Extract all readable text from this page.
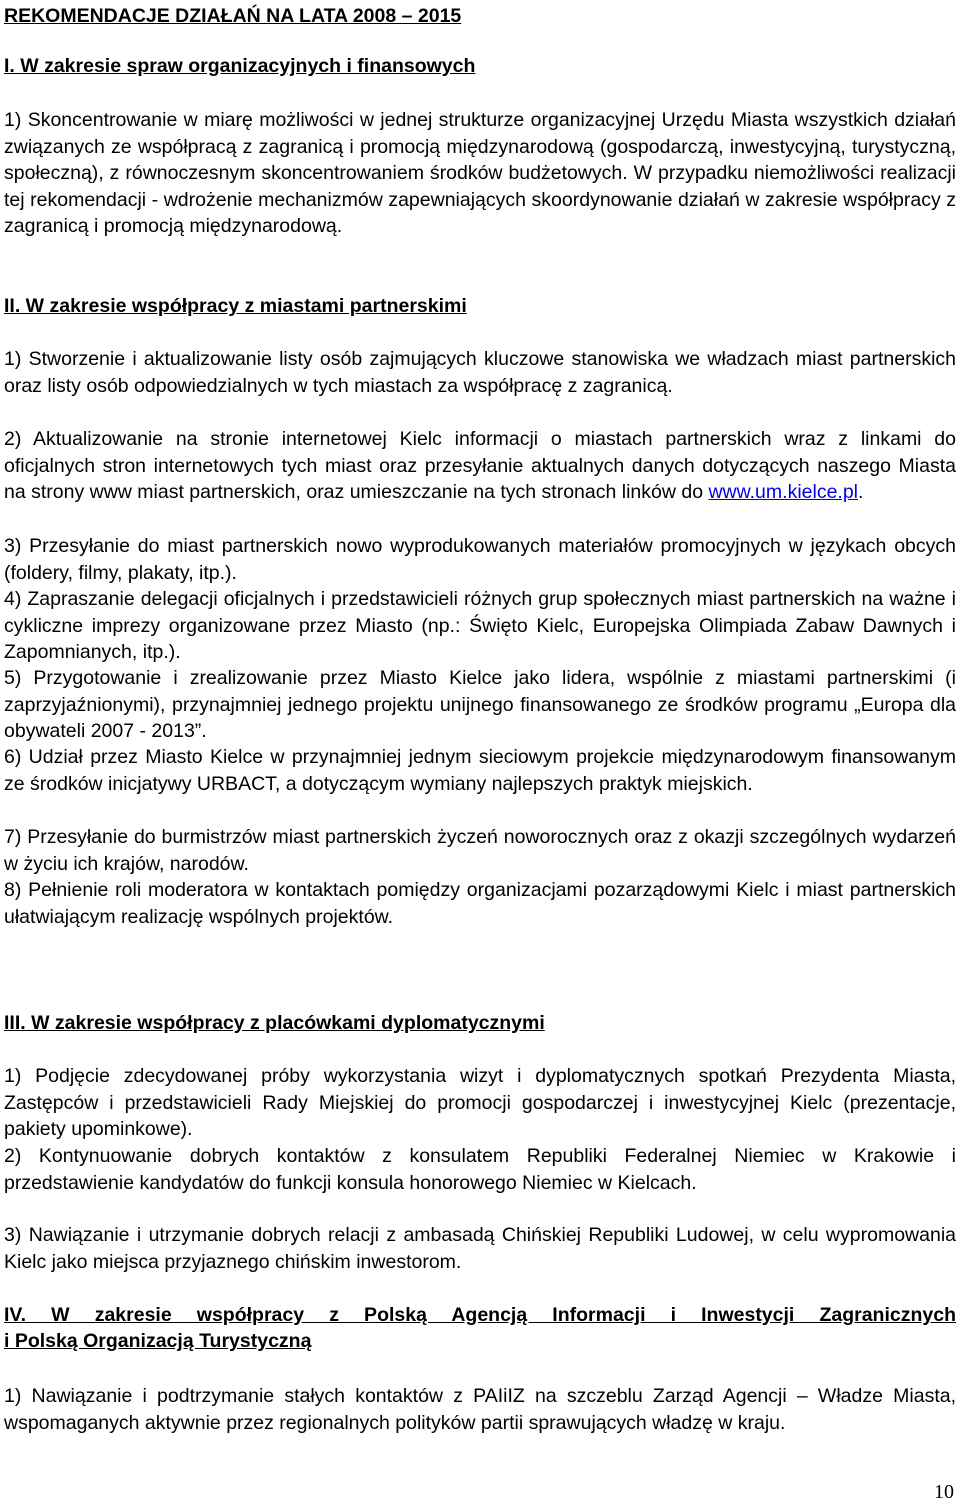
REKOMENDACJE DZIAŁAŃ NA LATA 2008 – 2015
I. W zakresie spraw organizacyjnych i finansowych

1) Skoncentrowanie w miarę możliwości w jednej strukturze organizacyjnej Urzędu Miasta wszystkich działań związanych ze współpracą z zagranicą i promocją międzynarodową (gospodarczą, inwestycyjną, turystyczną, społeczną), z równoczesnym skoncentrowaniem środków budżetowych. W przypadku niemożliwości realizacji tej rekomendacji - wdrożenie mechanizmów zapewniających skoordynowanie działań w zakresie współpracy z zagranicą i promocją międzynarodową.

II. W zakresie współpracy z miastami partnerskimi

1) Stworzenie i aktualizowanie listy osób zajmujących kluczowe stanowiska we władzach miast partnerskich oraz listy osób odpowiedzialnych w tych miastach za współpracę z zagranicą.

2) Aktualizowanie na stronie internetowej Kielc informacji o miastach partnerskich wraz z linkami do oficjalnych stron internetowych tych miast oraz przesyłanie aktualnych danych dotyczących naszego Miasta na strony www miast partnerskich, oraz umieszczanie na tych stronach linków do www.um.kielce.pl.

3) Przesyłanie do miast partnerskich nowo wyprodukowanych materiałów promocyjnych w językach obcych (foldery, filmy, plakaty, itp.).

4) Zapraszanie delegacji oficjalnych i przedstawicieli różnych grup społecznych miast partnerskich na ważne i cykliczne imprezy organizowane przez Miasto (np.: Święto Kielc, Europejska Olimpiada Zabaw Dawnych i Zapomnianych, itp.).

5) Przygotowanie i zrealizowanie przez Miasto Kielce jako lidera, wspólnie z miastami partnerskimi (i zaprzyjaźnionymi), przynajmniej jednego projektu unijnego finansowanego ze środków programu „Europa dla obywateli 2007 - 2013”.

6) Udział przez Miasto Kielce w przynajmniej jednym sieciowym projekcie międzynarodowym finansowanym ze środków inicjatywy URBACT, a dotyczącym wymiany najlepszych praktyk miejskich.

7) Przesyłanie do burmistrzów miast partnerskich życzeń noworocznych oraz z okazji szczególnych wydarzeń w życiu ich krajów, narodów.

8) Pełnienie roli moderatora w kontaktach pomiędzy organizacjami pozarządowymi Kielc i miast partnerskich ułatwiającym realizację wspólnych projektów.

III. W zakresie współpracy z placówkami dyplomatycznymi

1) Podjęcie zdecydowanej próby wykorzystania wizyt i dyplomatycznych spotkań Prezydenta Miasta, Zastępców i przedstawicieli Rady Miejskiej do promocji gospodarczej i inwestycyjnej Kielc (prezentacje, pakiety upominkowe).

2) Kontynuowanie dobrych kontaktów z konsulatem Republiki Federalnej Niemiec w Krakowie i przedstawienie kandydatów do funkcji konsula honorowego Niemiec w Kielcach.

3) Nawiązanie i utrzymanie dobrych relacji z ambasadą Chińskiej Republiki Ludowej, w celu wypromowania Kielc jako miejsca przyjaznego chińskim inwestorom.

IV. W zakresie współpracy z Polską Agencją Informacji i Inwestycji Zagranicznych
i Polską Organizacją Turystyczną

1) Nawiązanie i podtrzymanie stałych kontaktów z PAIiIZ na szczeblu Zarząd Agencji – Władze Miasta, wspomaganych aktywnie przez regionalnych polityków partii sprawujących władzę w kraju.

10
